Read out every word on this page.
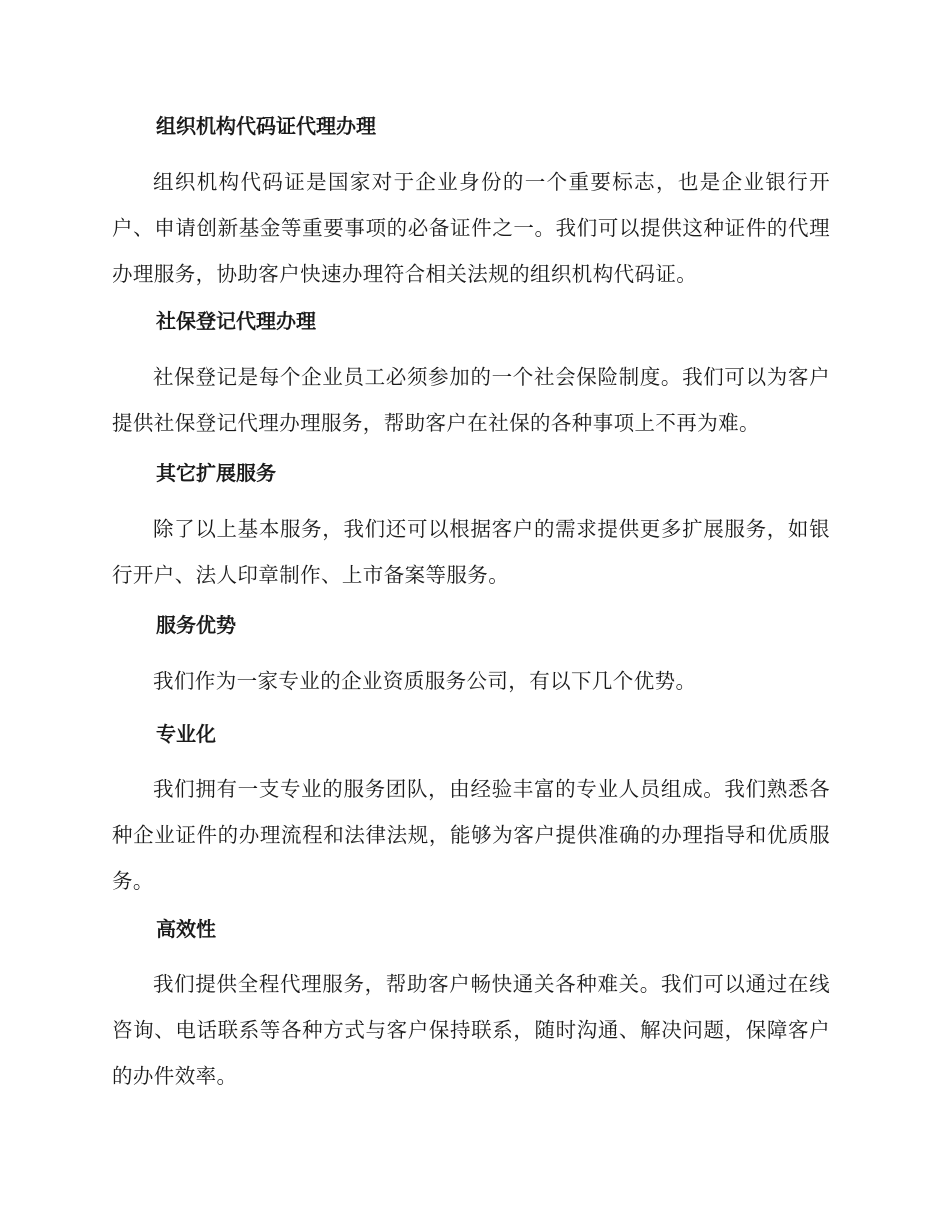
组织机构代码证代理办理
组织机构代码证是国家对于企业身份的一个重要标志，也是企业银行开户、申请创新基金等重要事项的必备证件之一。我们可以提供这种证件的代理办理服务，协助客户快速办理符合相关法规的组织机构代码证。
社保登记代理办理
社保登记是每个企业员工必须参加的一个社会保险制度。我们可以为客户提供社保登记代理办理服务，帮助客户在社保的各种事项上不再为难。
其它扩展服务
除了以上基本服务，我们还可以根据客户的需求提供更多扩展服务，如银行开户、法人印章制作、上市备案等服务。
服务优势
我们作为一家专业的企业资质服务公司，有以下几个优势。
专业化
我们拥有一支专业的服务团队，由经验丰富的专业人员组成。我们熟悉各种企业证件的办理流程和法律法规，能够为客户提供准确的办理指导和优质服务。
高效性
我们提供全程代理服务，帮助客户畅快通关各种难关。我们可以通过在线咨询、电话联系等各种方式与客户保持联系，随时沟通、解决问题，保障客户的办件效率。
